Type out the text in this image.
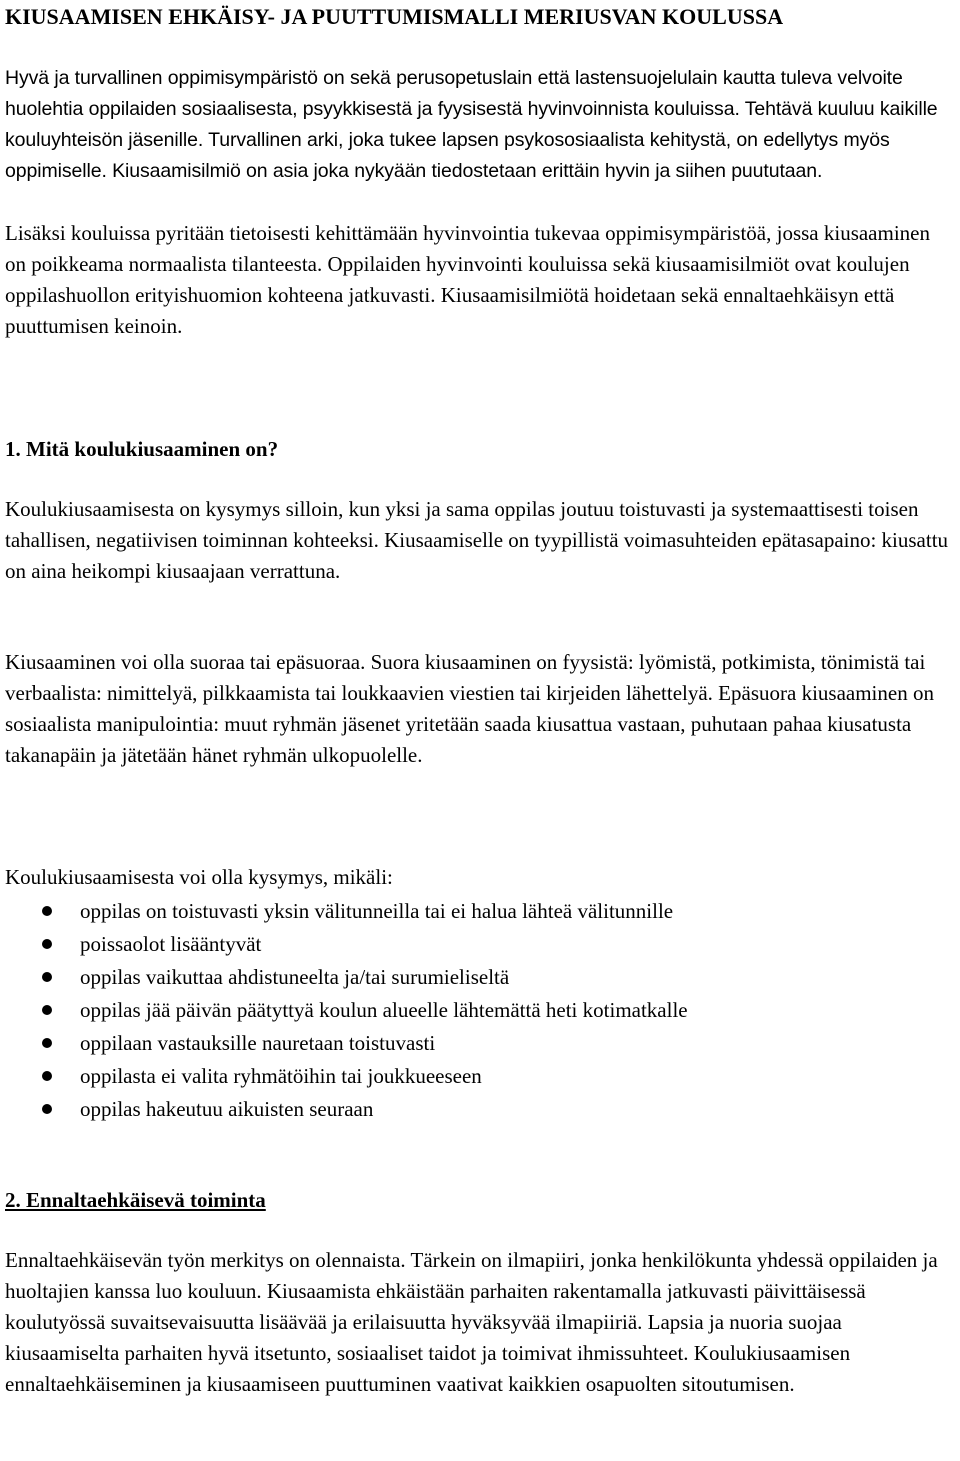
KIUSAAMISEN EHKÄISY- JA PUUTTUMISMALLI MERIUSVAN KOULUSSA

Hyvä ja turvallinen oppimisympäristö on sekä perusopetuslain että lastensuojelulain kautta tuleva velvoite huolehtia oppilaiden sosiaalisesta, psyykkisestä ja fyysisestä hyvinvoinnista kouluissa. Tehtävä kuuluu kaikille kouluyhteisön jäsenille. Turvallinen arki, joka tukee lapsen psykososiaalista kehitystä, on edellytys myös oppimiselle. Kiusaamisilmiö on asia joka nykyään tiedostetaan erittäin hyvin ja siihen puututaan.

Lisäksi kouluissa pyritään tietoisesti kehittämään hyvinvointia tukevaa oppimisympäristöä, jossa kiusaaminen on poikkeama normaalista tilanteesta. Oppilaiden hyvinvointi kouluissa sekä kiusaamisilmiöt ovat koulujen oppilashuollon erityishuomion kohteena jatkuvasti. Kiusaamisilmiötä hoidetaan sekä ennaltaehkäisyn että puuttumisen keinoin.

1. Mitä koulukiusaaminen on?

Koulukiusaamisesta on kysymys silloin, kun yksi ja sama oppilas joutuu toistuvasti ja systemaattisesti toisen tahallisen, negatiivisen toiminnan kohteeksi. Kiusaamiselle on tyypillistä voimasuhteiden epätasapaino: kiusattu on aina heikompi kiusaajaan verrattuna.

Kiusaaminen voi olla suoraa tai epäsuoraa. Suora kiusaaminen on fyysistä: lyömistä, potkimista, tönimistä tai verbaalista: nimittelyä, pilkkaamista tai loukkaavien viestien tai kirjeiden lähettelyä. Epäsuora kiusaaminen on sosiaalista manipulointia: muut ryhmän jäsenet yritetään saada kiusattua vastaan, puhutaan pahaa kiusatusta takanapäin ja jätetään hänet ryhmän ulkopuolelle.

Koulukiusaamisesta voi olla kysymys, mikäli:

oppilas on toistuvasti yksin välitunneilla tai ei halua lähteä välitunnille
poissaolot lisääntyvät
oppilas vaikuttaa ahdistuneelta ja/tai surumieliseltä
oppilas jää päivän päätyttyä koulun alueelle lähtemättä heti kotimatkalle
oppilaan vastauksille nauretaan toistuvasti
oppilasta ei valita ryhmätöihin tai joukkueeseen
oppilas hakeutuu aikuisten seuraan
2. Ennaltaehkäisevä toiminta

Ennaltaehkäisevän työn merkitys on olennaista. Tärkein on ilmapiiri, jonka henkilökunta yhdessä oppilaiden ja huoltajien kanssa luo kouluun. Kiusaamista ehkäistään parhaiten rakentamalla jatkuvasti päivittäisessä koulutyössä suvaitsevaisuutta lisäävää ja erilaisuutta hyväksyvää ilmapiiriä. Lapsia ja nuoria suojaa kiusaamiselta parhaiten hyvä itsetunto, sosiaaliset taidot ja toimivat ihmissuhteet. Koulukiusaamisen ennaltaehkäiseminen ja kiusaamiseen puuttuminen vaativat kaikkien osapuolten sitoutumisen.
